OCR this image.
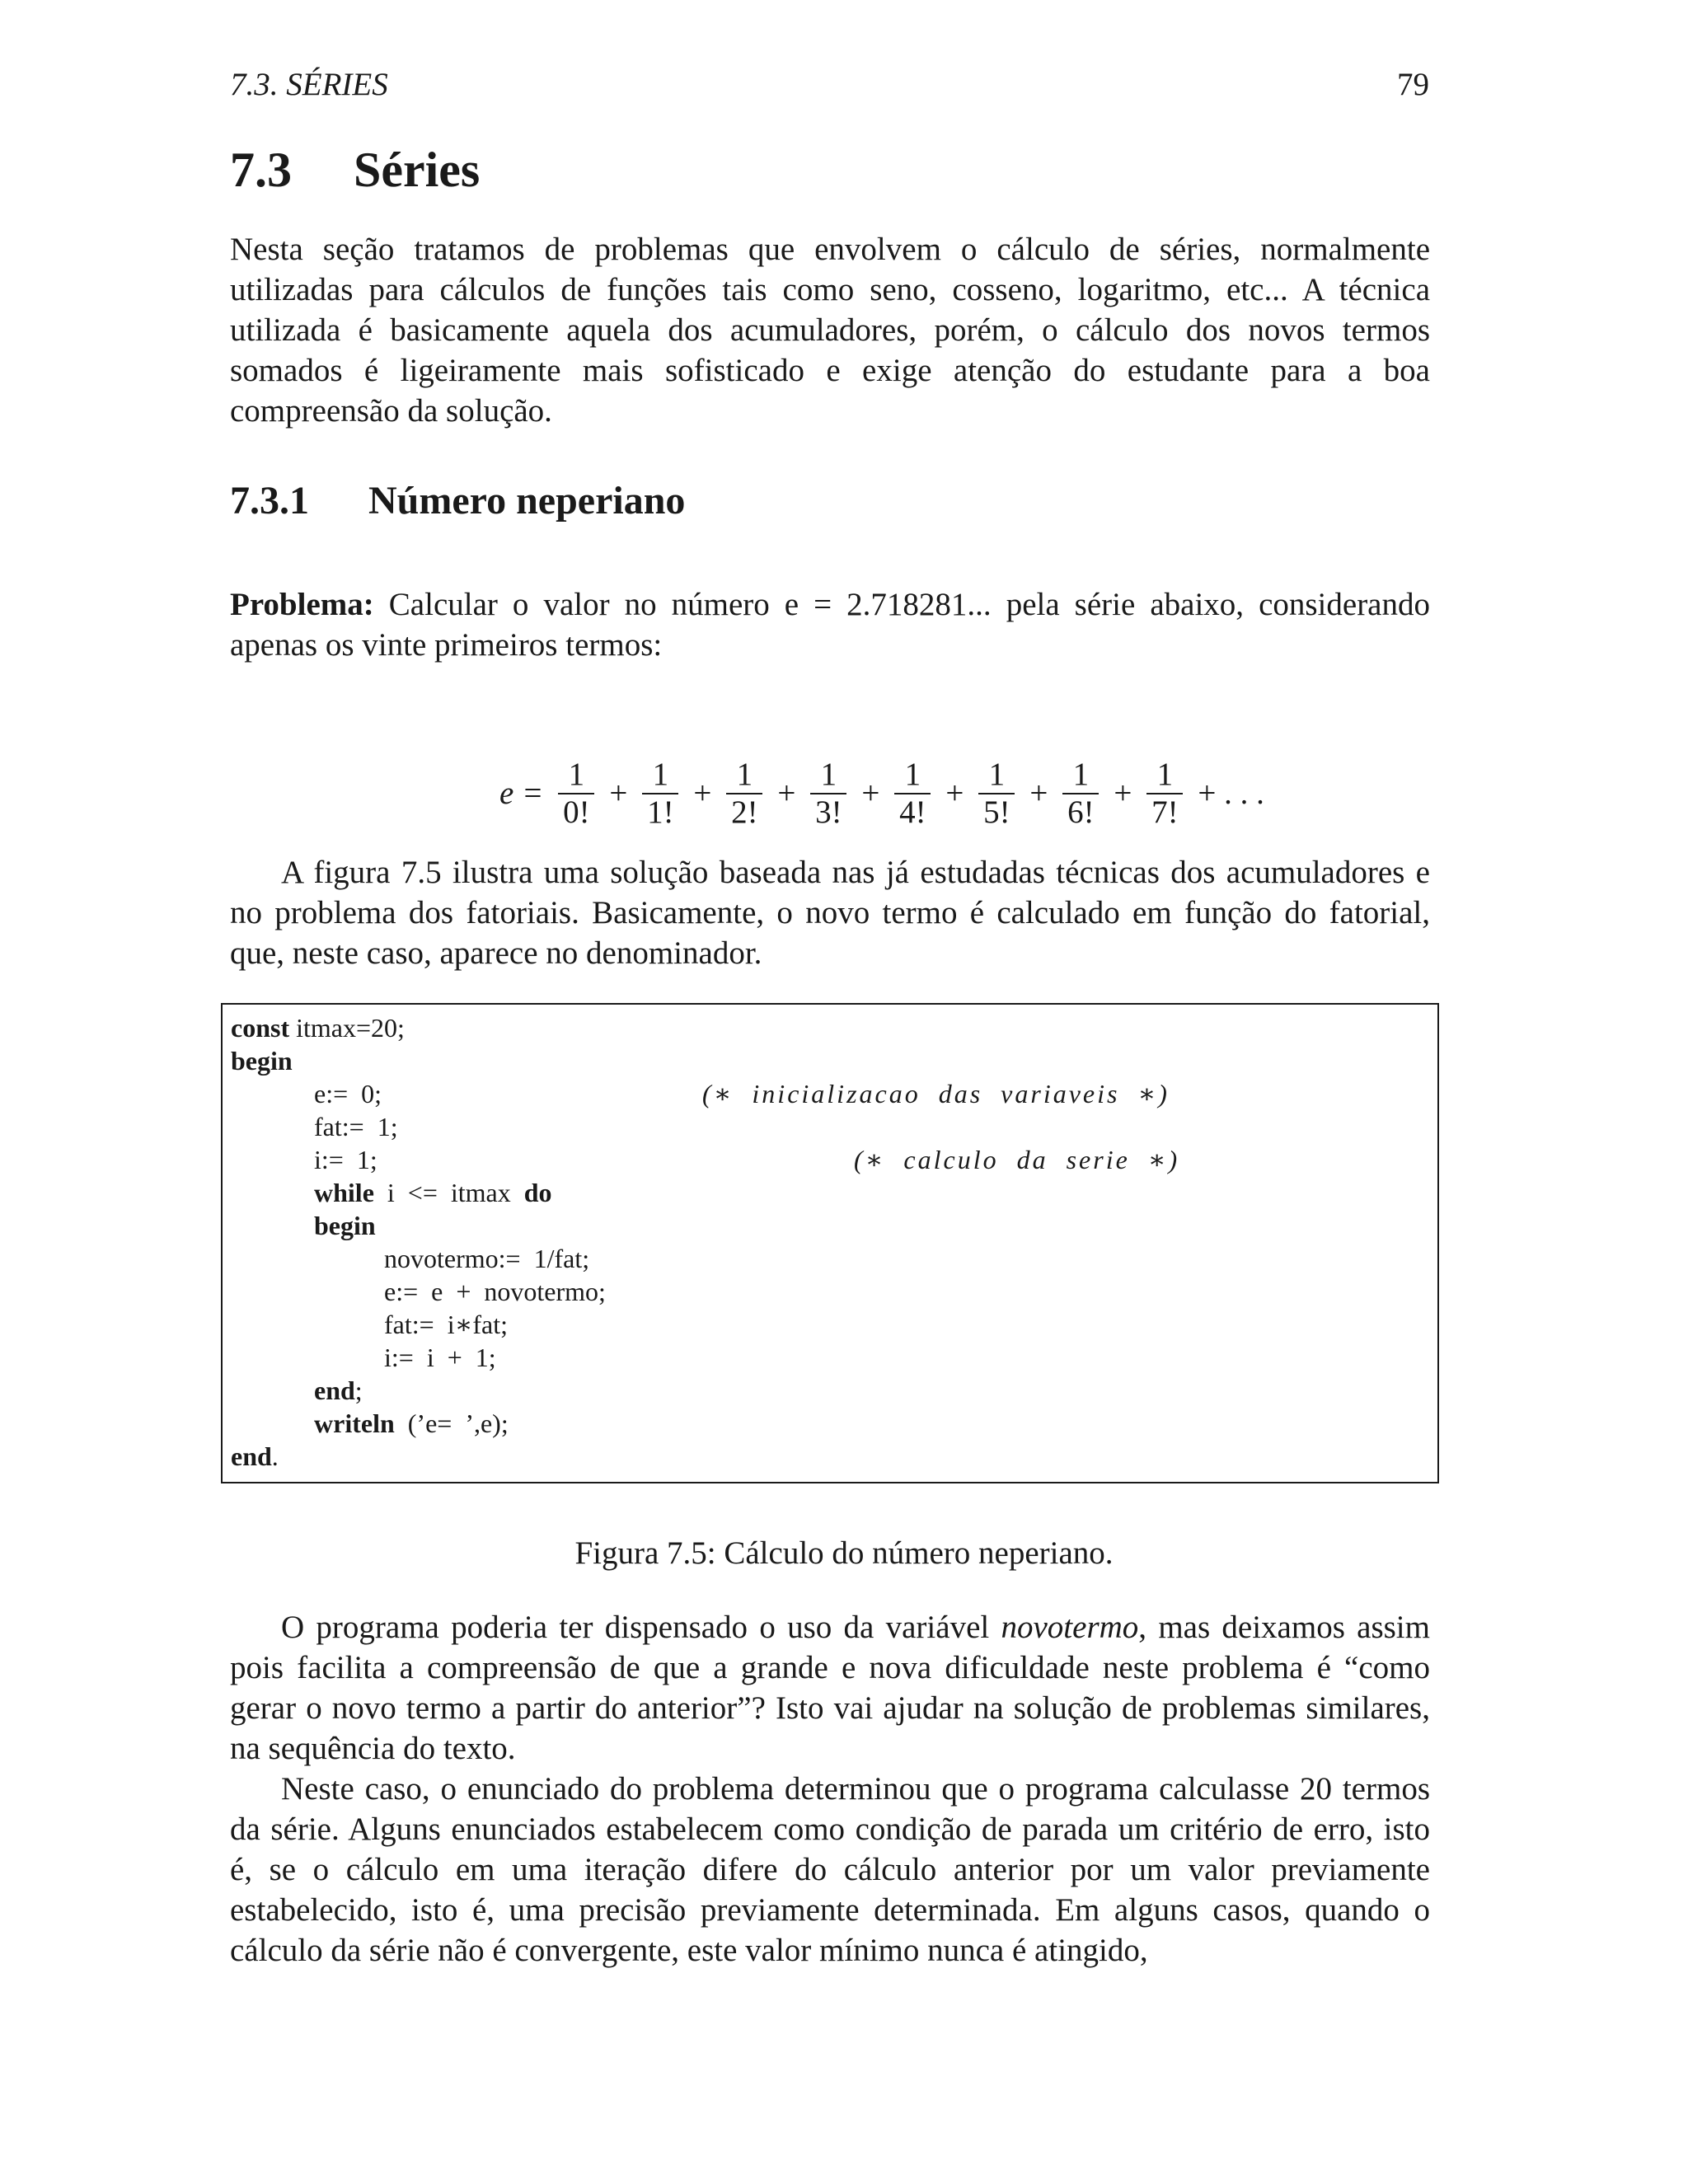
7.3. SÉRIES	79
7.3 Séries
Nesta seção tratamos de problemas que envolvem o cálculo de séries, normalmente utilizadas para cálculos de funções tais como seno, cosseno, logaritmo, etc... A técnica utilizada é basicamente aquela dos acumuladores, porém, o cálculo dos novos termos somados é ligeiramente mais sofisticado e exige atenção do estudante para a boa compreensão da solução.
7.3.1 Número neperiano
Problema: Calcular o valor no número e = 2.718281... pela série abaixo, considerando apenas os vinte primeiros termos:
$e = \frac{1}{0!} + \frac{1}{1!} + \frac{1}{2!} + \frac{1}{3!} + \frac{1}{4!} + \frac{1}{5!} + \frac{1}{6!} + \frac{1}{7!}$ + . . .
A figura 7.5 ilustra uma solução baseada nas já estudadas técnicas dos acumuladores e no problema dos fatoriais. Basicamente, o novo termo é calculado em função do fatorial, que, neste caso, aparece no denominador.
const itmax=20;
begin
e:=  0;	(∗  inicializacao  das  variaveis  ∗)
fat:=  1;
i:=  1;	(∗  calculo  da  serie  ∗)
while  i  <=  itmax  do
begin
novotermo:=  1/fat;
e:=  e  +  novotermo;
fat:=  i∗fat;
i:=  i  +  1;
end;
writeln  (’e=  ’,e);
end.
Figura 7.5: Cálculo do número neperiano.
O programa poderia ter dispensado o uso da variável novotermo, mas deixamos assim pois facilita a compreensão de que a grande e nova dificuldade neste problema é “como gerar o novo termo a partir do anterior”? Isto vai ajudar na solução de problemas similares, na sequência do texto.
Neste caso, o enunciado do problema determinou que o programa calculasse 20 termos da série. Alguns enunciados estabelecem como condição de parada um critério de erro, isto é, se o cálculo em uma iteração difere do cálculo anterior por um valor previamente estabelecido, isto é, uma precisão previamente determinada. Em alguns casos, quando o cálculo da série não é convergente, este valor mínimo nunca é atingido,
